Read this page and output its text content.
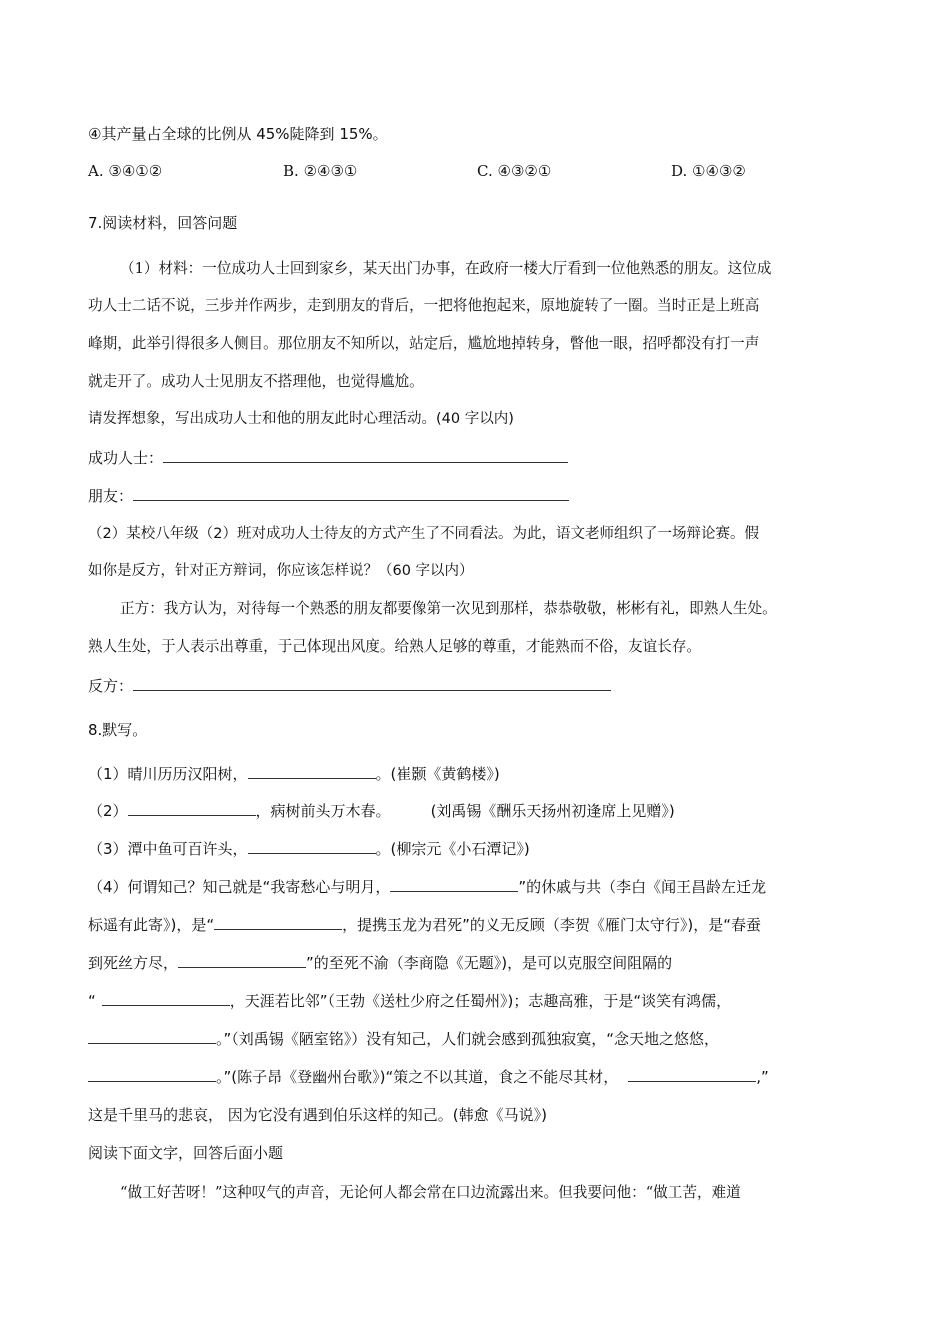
④其产量占全球的比例从 45%陡降到 15%。
A. ③④①②	B. ②④③①	C. ④③②①	D. ①④③②
7.阅读材料，回答问题
（1）材料：一位成功人士回到家乡，某天出门办事，在政府一楼大厅看到一位他熟悉的朋友。这位成
功人士二话不说，三步并作两步，走到朋友的背后，一把将他抱起来，原地旋转了一圈。当时正是上班高
峰期，此举引得很多人侧目。那位朋友不知所以，站定后，尴尬地掉转身，瞥他一眼，招呼都没有打一声
就走开了。成功人士见朋友不搭理他，也觉得尴尬。
请发挥想象，写出成功人士和他的朋友此时心理活动。(40 字以内)
成功人士：
朋友：
（2）某校八年级（2）班对成功人士待友的方式产生了不同看法。为此，语文老师组织了一场辩论赛。假
如你是反方，针对正方辩词，你应该怎样说？（60 字以内）
正方：我方认为，对待每一个熟悉的朋友都要像第一次见到那样，恭恭敬敬，彬彬有礼，即熟人生处。
熟人生处，于人表示出尊重，于己体现出风度。给熟人足够的尊重，才能熟而不俗，友谊长存。
反方：
8.默写。
（1）晴川历历汉阳树，	。(崔颢《黄鹤楼》)
（2）	，病树前头万木春。	(刘禹锡《酬乐天扬州初逢席上见赠》)
（3）潭中鱼可百许头，	。(柳宗元《小石潭记》)
（4）何谓知己？知己就是“我寄愁心与明月，	”的休戚与共（李白《闻王昌龄左迁龙
标遥有此寄》)，是“	，提携玉龙为君死”的义无反顾（李贺《雁门太守行》)，是“春蚕
到死丝方尽，	”的至死不渝（李商隐《无题》)，是可以克服空间阻隔的
“	，天涯若比邻”（王勃《送杜少府之任蜀州》)；志趣高雅，于是“谈笑有鸿儒，
。”（刘禹锡《陋室铭》）没有知己，人们就会感到孤独寂寞，“念天地之悠悠，
。”(陈子昂《登幽州台歌》)“策之不以其道，食之不能尽其材，	,”
这是千里马的悲哀， 因为它没有遇到伯乐这样的知己。(韩愈《马说》)
阅读下面文字，回答后面小题
“做工好苦呀！”这种叹气的声音，无论何人都会常在口边流露出来。但我要问他：“做工苦，难道
